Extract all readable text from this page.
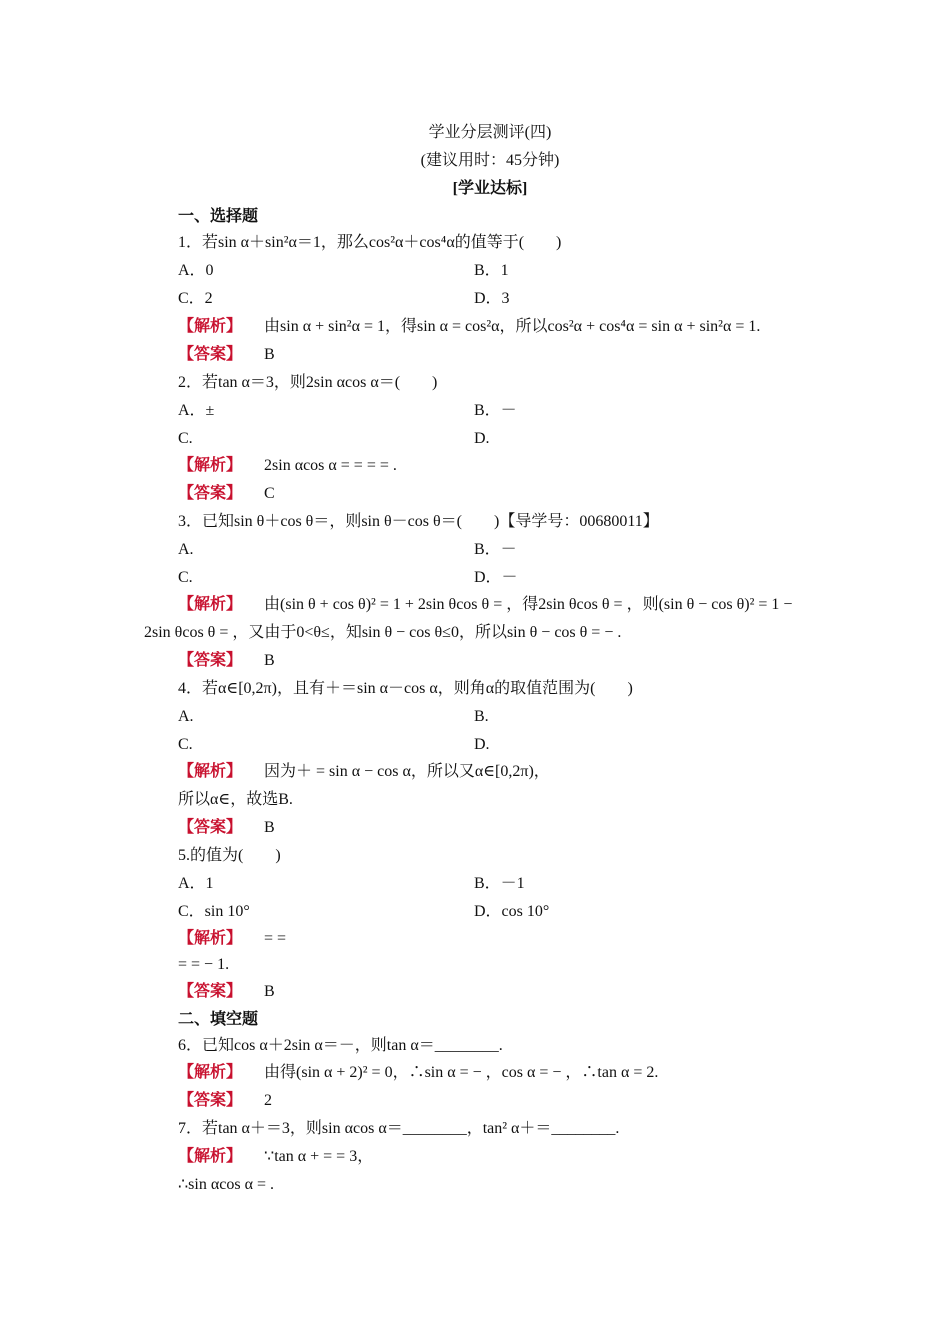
学业分层测评(四)
(建议用时：45分钟)
[学业达标]
一、选择题
1．若sin α＋sin²α＝1，那么cos²α＋cos⁴α的值等于(　　)
A．0	B．1
C．2	D．3
【解析】 由sin α + sin²α = 1，得sin α = cos²α，所以cos²α + cos⁴α = sin α + sin²α = 1.
【答案】 B
2．若tan α＝3，则2sin αcos α＝(　　)
A．±	B．－
C.	D.
【解析】 2sin αcos α = = = = .
【答案】 C
3．已知sin θ＋cos θ＝，则sin θ－cos θ＝(　　)【导学号：00680011】
A.	B．－
C.	D．－
【解析】 由(sin θ + cos θ)² = 1 + 2sin θcos θ = ，得2sin θcos θ = ，则(sin θ − cos θ)² = 1 −
2sin θcos θ = ，又由于0<θ≤，知sin θ − cos θ≤0，所以sin θ − cos θ = − .
【答案】 B
4．若α∈[0,2π)，且有＋＝sin α－cos α，则角α的取值范围为(　　)
A.	B.
C.	D.
【解析】 因为＋ = sin α − cos α，所以又α∈[0,2π)，
所以α∈，故选B.
【答案】 B
5.的值为(　　)
A．1	B．－1
C．sin 10°	D．cos 10°
【解析】 = =
= = − 1.
【答案】 B
二、填空题
6．已知cos α＋2sin α＝－，则tan α＝________.
【解析】 由得(sin α + 2)² = 0，∴sin α = − ，cos α = − ，∴tan α = 2.
【答案】 2
7．若tan α＋＝3，则sin αcos α＝________，tan² α＋＝________.
【解析】 ∵tan α + = = 3，
∴sin αcos α = .
